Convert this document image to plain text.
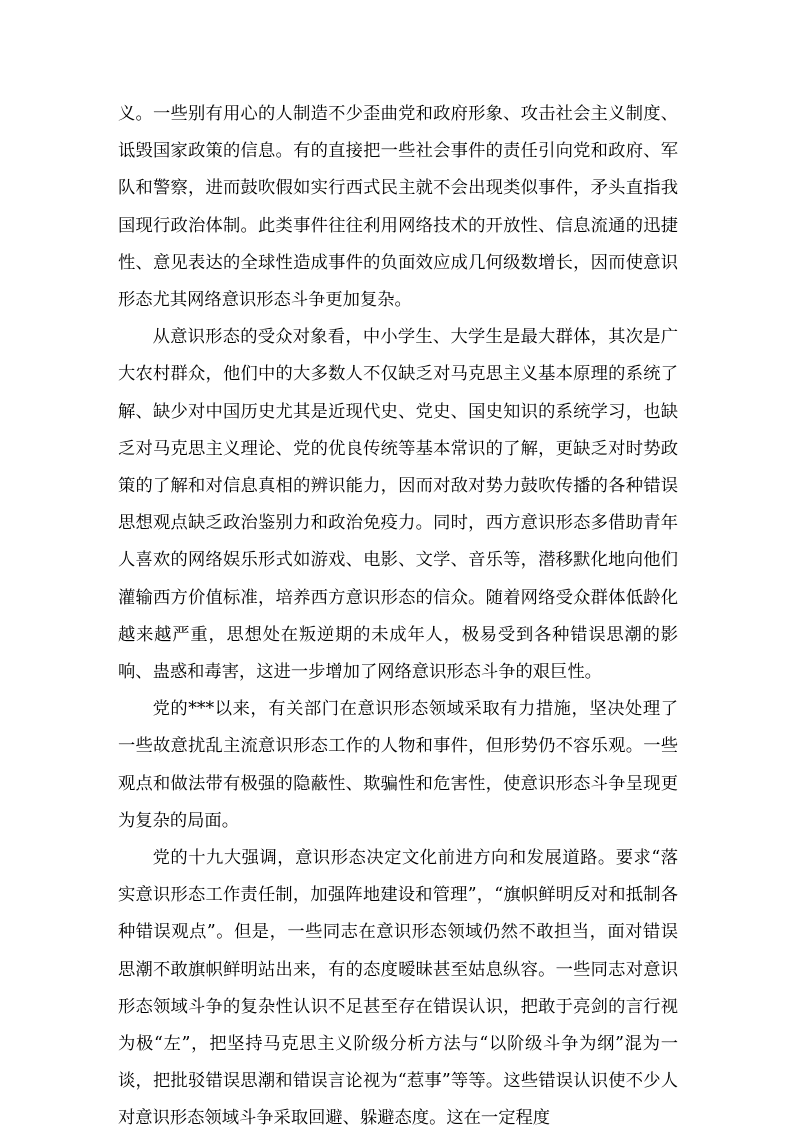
义。一些别有用心的人制造不少歪曲党和政府形象、攻击社会主义制度、诋毁国家政策的信息。有的直接把一些社会事件的责任引向党和政府、军队和警察，进而鼓吹假如实行西式民主就不会出现类似事件，矛头直指我国现行政治体制。此类事件往往利用网络技术的开放性、信息流通的迅捷性、意见表达的全球性造成事件的负面效应成几何级数增长，因而使意识形态尤其网络意识形态斗争更加复杂。

从意识形态的受众对象看，中小学生、大学生是最大群体，其次是广大农村群众，他们中的大多数人不仅缺乏对马克思主义基本原理的系统了解、缺少对中国历史尤其是近现代史、党史、国史知识的系统学习，也缺乏对马克思主义理论、党的优良传统等基本常识的了解，更缺乏对时势政策的了解和对信息真相的辨识能力，因而对敌对势力鼓吹传播的各种错误思想观点缺乏政治鉴别力和政治免疫力。同时，西方意识形态多借助青年人喜欢的网络娱乐形式如游戏、电影、文学、音乐等，潜移默化地向他们灌输西方价值标准，培养西方意识形态的信众。随着网络受众群体低龄化越来越严重，思想处在叛逆期的未成年人，极易受到各种错误思潮的影响、蛊惑和毒害，这进一步增加了网络意识形态斗争的艰巨性。

党的***以来，有关部门在意识形态领域采取有力措施，坚决处理了一些故意扰乱主流意识形态工作的人物和事件，但形势仍不容乐观。一些观点和做法带有极强的隐蔽性、欺骗性和危害性，使意识形态斗争呈现更为复杂的局面。

党的十九大强调，意识形态决定文化前进方向和发展道路。要求“落实意识形态工作责任制，加强阵地建设和管理”，“旗帜鲜明反对和抵制各种错误观点”。但是，一些同志在意识形态领域仍然不敢担当，面对错误思潮不敢旗帜鲜明站出来，有的态度暧昧甚至姑息纵容。一些同志对意识形态领域斗争的复杂性认识不足甚至存在错误认识，把敢于亮剑的言行视为极“左”，把坚持马克思主义阶级分析方法与“以阶级斗争为纲”混为一谈，把批驳错误思潮和错误言论视为“惹事”等等。这些错误认识使不少人对意识形态领域斗争采取回避、躲避态度。这在一定程度
